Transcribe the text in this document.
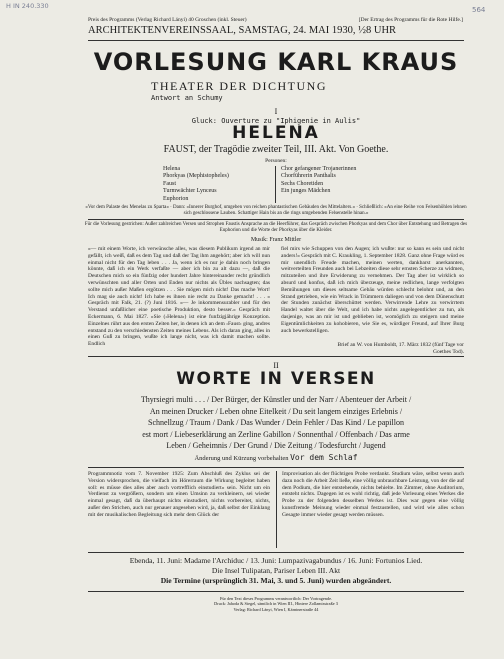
H IN 240.330	564
Preis des Programms (Verlag Richard Lányi) 40 Groschen (inkl. Steuer)	[Der Ertrag des Programms für die Rote Hilfe.]
ARCHITEKTENVEREINSSAAL, SAMSTAG, 24. MAI 1930, ½8 UHR
VORLESUNG KARL KRAUS
THEATER DER DICHTUNG
Antwort an Schumy
I
Gluck: Ouverture zu "Iphigenie in Aulis"
HELENA
FAUST, der Tragödie zweiter Teil, III. Akt. Von Goethe.
Personen:
Helena
Phorkyas (Mephistopheles)
Faust
Turmwächter Lynceus
Euphorion
Chor gefangener Trojanerinnen
Chorführerin Panthalis
Sechs Choretiden
Ein junges Mädchen
»Vor dem Palaste des Menelas zu Sparta« · Dann: »Innerer Burghof, umgeben von reichen phantastischen Gebäuden des Mittelalters.« · Schließlich: »An eine Reihe von Felsenhöhlen lehnen sich geschlossene Lauben. Schattiger Hain bis an die rings umgebenden Felsenstelle hinan.«
Für die Vorlesung gestrichen: Außer zahlreichen Versen und Strophen Faustis Ansprache an die Heerführer, das Gespräch zwischen Phorkyas und dem Chor über Entstehung und Betragen des Euphorion und die Worte der Phorkyas über die Kleider.
Musik: Franz Mittler
»— mit einem Worte, ich verwünsche alles, was diesem Publikum irgend an mir gefällt, ich weiß, daß es dem Tag und daß der Tag ihm angehört; aber ich will nun einmal nicht für den Tag leben . . . Ja, wenn ich es nur je dahin noch bringen könnte, daß ich ein Werk verfaßte — aber ich bin zu alt dazu —, daß die Deutschen mich so ein fünfzig oder hundert Jahre hintereinander recht gründlich verwünschten und aller Orten und Enden nur nichts als Übles nachsagten; das sollte mich außer Maßen ergötzen . . . Sie mögen mich nicht! Das mache Wort! Ich mag sie auch nicht! Ich habe es ihnen nie recht zu Danke gemacht! . . . « Gespräch mit Falk, 21. (?) Juni 1816. »— Je inkommensurabler und für den Verstand unfaßlicher eine poetische Produktion, desto besser.« Gespräch mit Eckermann, 6. Mai 1827. »Sie (›Helena‹) ist eine funfzigjährige Konzeption. Einzelnes rührt aus den ersten Zeiten her, in denen ich an dem ›Faust‹ ging, andres entstand zu den verschiedensten Zeiten meines Lebens. Als ich daran ging, alles in einen Guß zu bringen, wußte ich lange nicht, was ich damit machen sollte. Endlich
fiel mirs wie Schuppen von den Augen; ich wußte: nur so kann es sein und nicht anders!« Gespräch mit C. Kraukling, 1. September 1828. Ganz ohne Frage würd es mir unendlich Freude machen, meinen werten, dankbarst anerkannten, weitverteilten Freunden auch bei Lebzeiten diese sehr ernsten Scherze zu widmen, mitzuteilen und ihre Erwiderung zu vernehmen. Der Tag aber ist wirklich so absurd und konfus, daß ich mich überzeuge, meine redlichen, lange verfolgten Bemühungen um dieses seltsame Gebäu würden schlecht belohnt und, an den Strand getrieben, wie ein Wrack in Trümmern daliegen und von dem Dünenschutt der Stunden zunächst überschüttet werden. Verwirrende Lehre zu verwirrtem Handel waltet über die Welt, und ich habe nichts angelegentlicher zu tun, als dasjenige, was an mir ist und geblieben ist, womöglich zu steigern und meine Eigentümlichkeiten zu kohobieren, wie Sie es, würdiger Freund, auf Ihrer Burg auch bewerkstelligen.
Brief an W. von Humboldt, 17. März 1832 (fünf Tage vor Goethes Tod).
II
WORTE IN VERSEN
Thyrsiegri multi . . . / Der Bürger, der Künstler und der Narr / Abenteuer der Arbeit /
An meinen Drucker / Leben ohne Eitelkeit / Du seit langem einziges Erlebnis /
Schnellzug / Traum / Dank / Das Wunder / Dein Fehler / Das Kind / Le papillon
est mort / Liebeserklärung an Zerline Gabillon / Sonnenthal / Offenbach / Das arme
Leben / Geheimnis / Der Grund / Die Zeitung / Todesfurcht / Jugend
Änderung und Kürzung vorbehalten Vor dem Schlaf
Programmnotiz vom 7. November 1925: Zum Abschluß des Zyklus sei der Version widersprochen, die vielfach im Hörerraum die Wirkung begleitet haben soll: es müsse dies alles aber auch vortrefflich einstudiert« sein. Nicht um ein Verdienst zu vergrößern, sondern um einen Umsinn zu verkleinern, sei wieder einmal gesagt, daß da überhaupt nichts einstudiert, nichts vorbereitet, nichts, außer den Strichen, auch nur genauer angesehen wird, ja, daß selbst der Einklang mit der musikalischen Begleitung sich mehr dem Glück der
Improvisation als der flüchtigen Probe verdankt. Studium wäre, selbst wenn auch dazu noch die Arbeit Zeit ließe, eine völlig unbrauchbare Leistung, von der die auf dem Podium, die hier entstehende, nichts behielte. Im Zimmer, ohne Auditorium, entsteht nichts. Dagegen ist es wohl richtig, daß jede Vorlesung eines Werkes die Probe zu der folgenden desselben Werkes ist. Dies war gegen eine völlig kunstfremde Meinung wieder einmal festzustellen, und wird wie alles schon Gesagte immer wieder gesagt werden müssen.
Ebenda, 11. Juni: Madame l'Archiduc / 13. Juni: Lumpazivagabundus / 16. Juni: Fortunios Lied.
Die Insel Tulipatan, Pariser Leben III. Akt
Die Termine (ursprünglich 31. Mai, 3. und 5. Juni) wurden abgeändert.
Für den Text dieses Programms verantwortlich: Der Vortragende.
Druck: Jahoda & Siegel, sämtlich in Wien III., Hintere Zollamtsstraße 3
Verlag: Richard Lányi, Wien I, Kärntnerstraße 44
